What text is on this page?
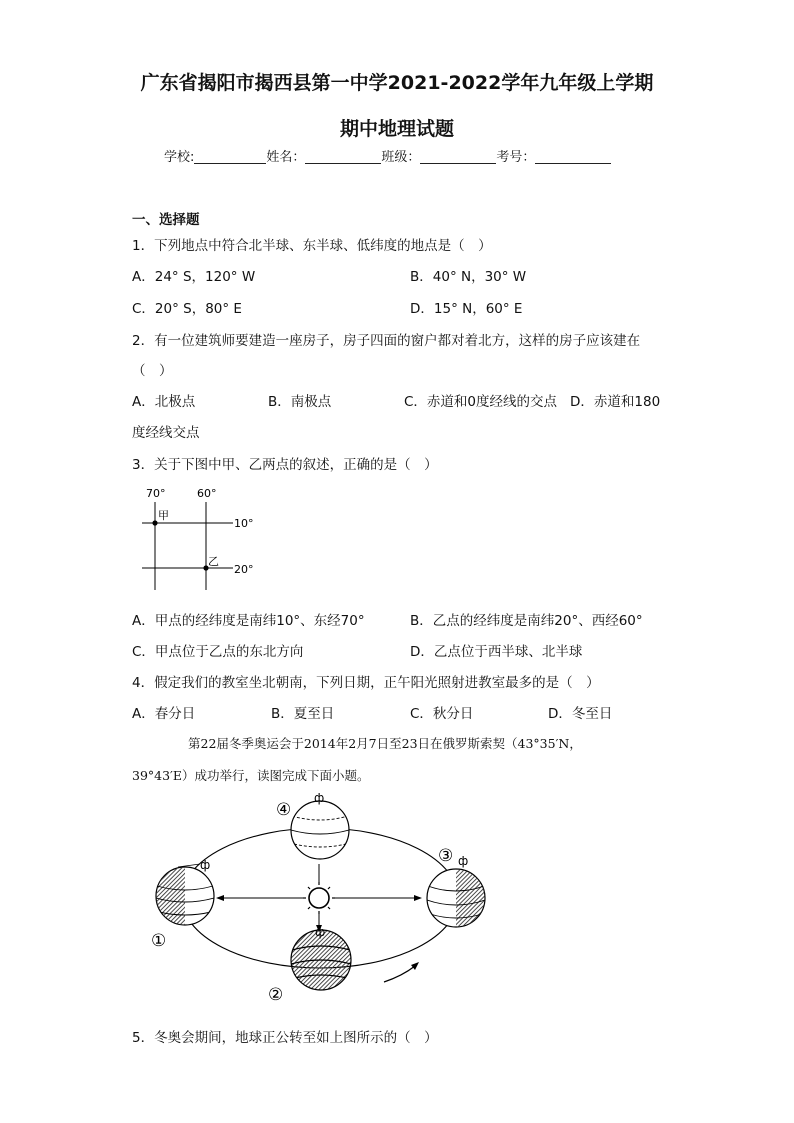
广东省揭阳市揭西县第一中学2021-2022学年九年级上学期
期中地理试题
学校:	姓名：	班级：	考号：
一、选择题
1．下列地点中符合北半球、东半球、低纬度的地点是（　）
A．24° S，120° W	B．40° N，30° W
C．20° S，80° E	D．15° N，60° E
2．有一位建筑师要建造一座房子，房子四面的窗户都对着北方，这样的房子应该建在
（　）
A．北极点	B．南极点	C．赤道和0度经线的交点 D．赤道和180
度经线交点
3．关于下图中甲、乙两点的叙述，正确的是（　）
70°	60°
10°
20°
甲
乙
A．甲点的经纬度是南纬10°、东经70°	B．乙点的经纬度是南纬20°、西经60°
C．甲点位于乙点的东北方向	D．乙点位于西半球、北半球
4．假定我们的教室坐北朝南，下列日期，正午阳光照射进教室最多的是（　）
A．春分日	B．夏至日	C．秋分日	D．冬至日
第22届冬季奥运会于2014年2月7日至23日在俄罗斯索契（43°35′N，
39°43′E）成功举行，读图完成下面小题。
ф
ф
ф
ф
①
②
③
④
5．冬奥会期间，地球正公转至如上图所示的（　）
